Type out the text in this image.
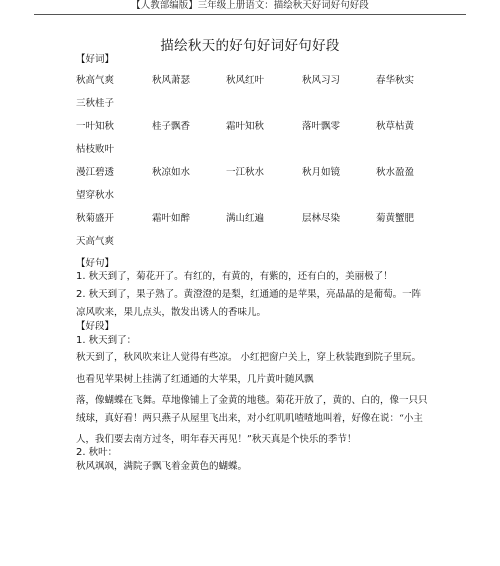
【人教部编版】三年级上册语文：描绘秋天好词好句好段
描绘秋天的好句好词好句好段
【好词】
秋高气爽	秋风萧瑟	秋风红叶	秋风习习	春华秋实
三秋桂子
一叶知秋	桂子飘香	霜叶知秋	落叶飘零	秋草枯黄
枯枝败叶
漫江碧透	秋凉如水	一江秋水	秋月如镜	秋水盈盈
望穿秋水
秋菊盛开	霜叶如醉	满山红遍	层林尽染	菊黄蟹肥
天高气爽
【好句】
1. 秋天到了，菊花开了。有红的，有黄的，有紫的，还有白的，美丽极了！
2. 秋天到了，果子熟了。黄澄澄的是梨，红通通的是苹果，亮晶晶的是葡萄。一阵
凉风吹来，果儿点头，散发出诱人的香味儿。
【好段】
1. 秋天到了：
秋天到了，秋风吹来让人觉得有些凉。 小红把窗户关上，穿上秋装跑到院子里玩。
也看见苹果树上挂满了红通通的大苹果，几片黄叶随风飘
落，像蝴蝶在飞舞。草地像铺上了金黄的地毯。菊花开放了，黄的、白的，像一只只
绒球，真好看！两只燕子从屋里飞出来，对小红叽叽喳喳地叫着，好像在说：“小主
人，我们要去南方过冬，明年春天再见！”秋天真是个快乐的季节！
2. 秋叶：
秋风飒飒，满院子飘飞着金黄色的蝴蝶。
